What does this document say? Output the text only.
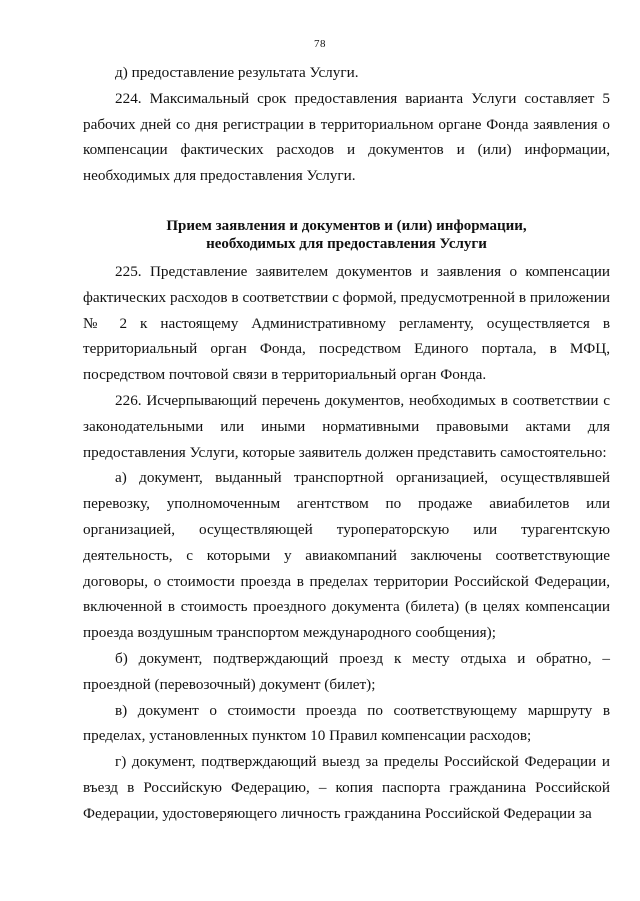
78

д) предоставление результата Услуги.

224. Максимальный срок предоставления варианта Услуги составляет 5 рабочих дней со дня регистрации в территориальном органе Фонда заявления о компенсации фактических расходов и документов и (или) информации, необходимых для предоставления Услуги.

Прием заявления и документов и (или) информации,
необходимых для предоставления Услуги

225. Представление заявителем документов и заявления о компенсации фактических расходов в соответствии с формой, предусмотренной в приложении № 2 к настоящему Административному регламенту, осуществляется в территориальный орган Фонда, посредством Единого портала, в МФЦ, посредством почтовой связи в территориальный орган Фонда.

226. Исчерпывающий перечень документов, необходимых в соответствии с законодательными или иными нормативными правовыми актами для предоставления Услуги, которые заявитель должен представить самостоятельно:

а) документ, выданный транспортной организацией, осуществлявшей перевозку, уполномоченным агентством по продаже авиабилетов или организацией, осуществляющей туроператорскую или турагентскую деятельность, с которыми у авиакомпаний заключены соответствующие договоры, о стоимости проезда в пределах территории Российской Федерации, включенной в стоимость проездного документа (билета) (в целях компенсации проезда воздушным транспортом международного сообщения);

б) документ, подтверждающий проезд к месту отдыха и обратно, – проездной (перевозочный) документ (билет);

в) документ о стоимости проезда по соответствующему маршруту в пределах, установленных пунктом 10 Правил компенсации расходов;

г) документ, подтверждающий выезд за пределы Российской Федерации и въезд в Российскую Федерацию, – копия паспорта гражданина Российской Федерации, удостоверяющего личность гражданина Российской Федерации за
